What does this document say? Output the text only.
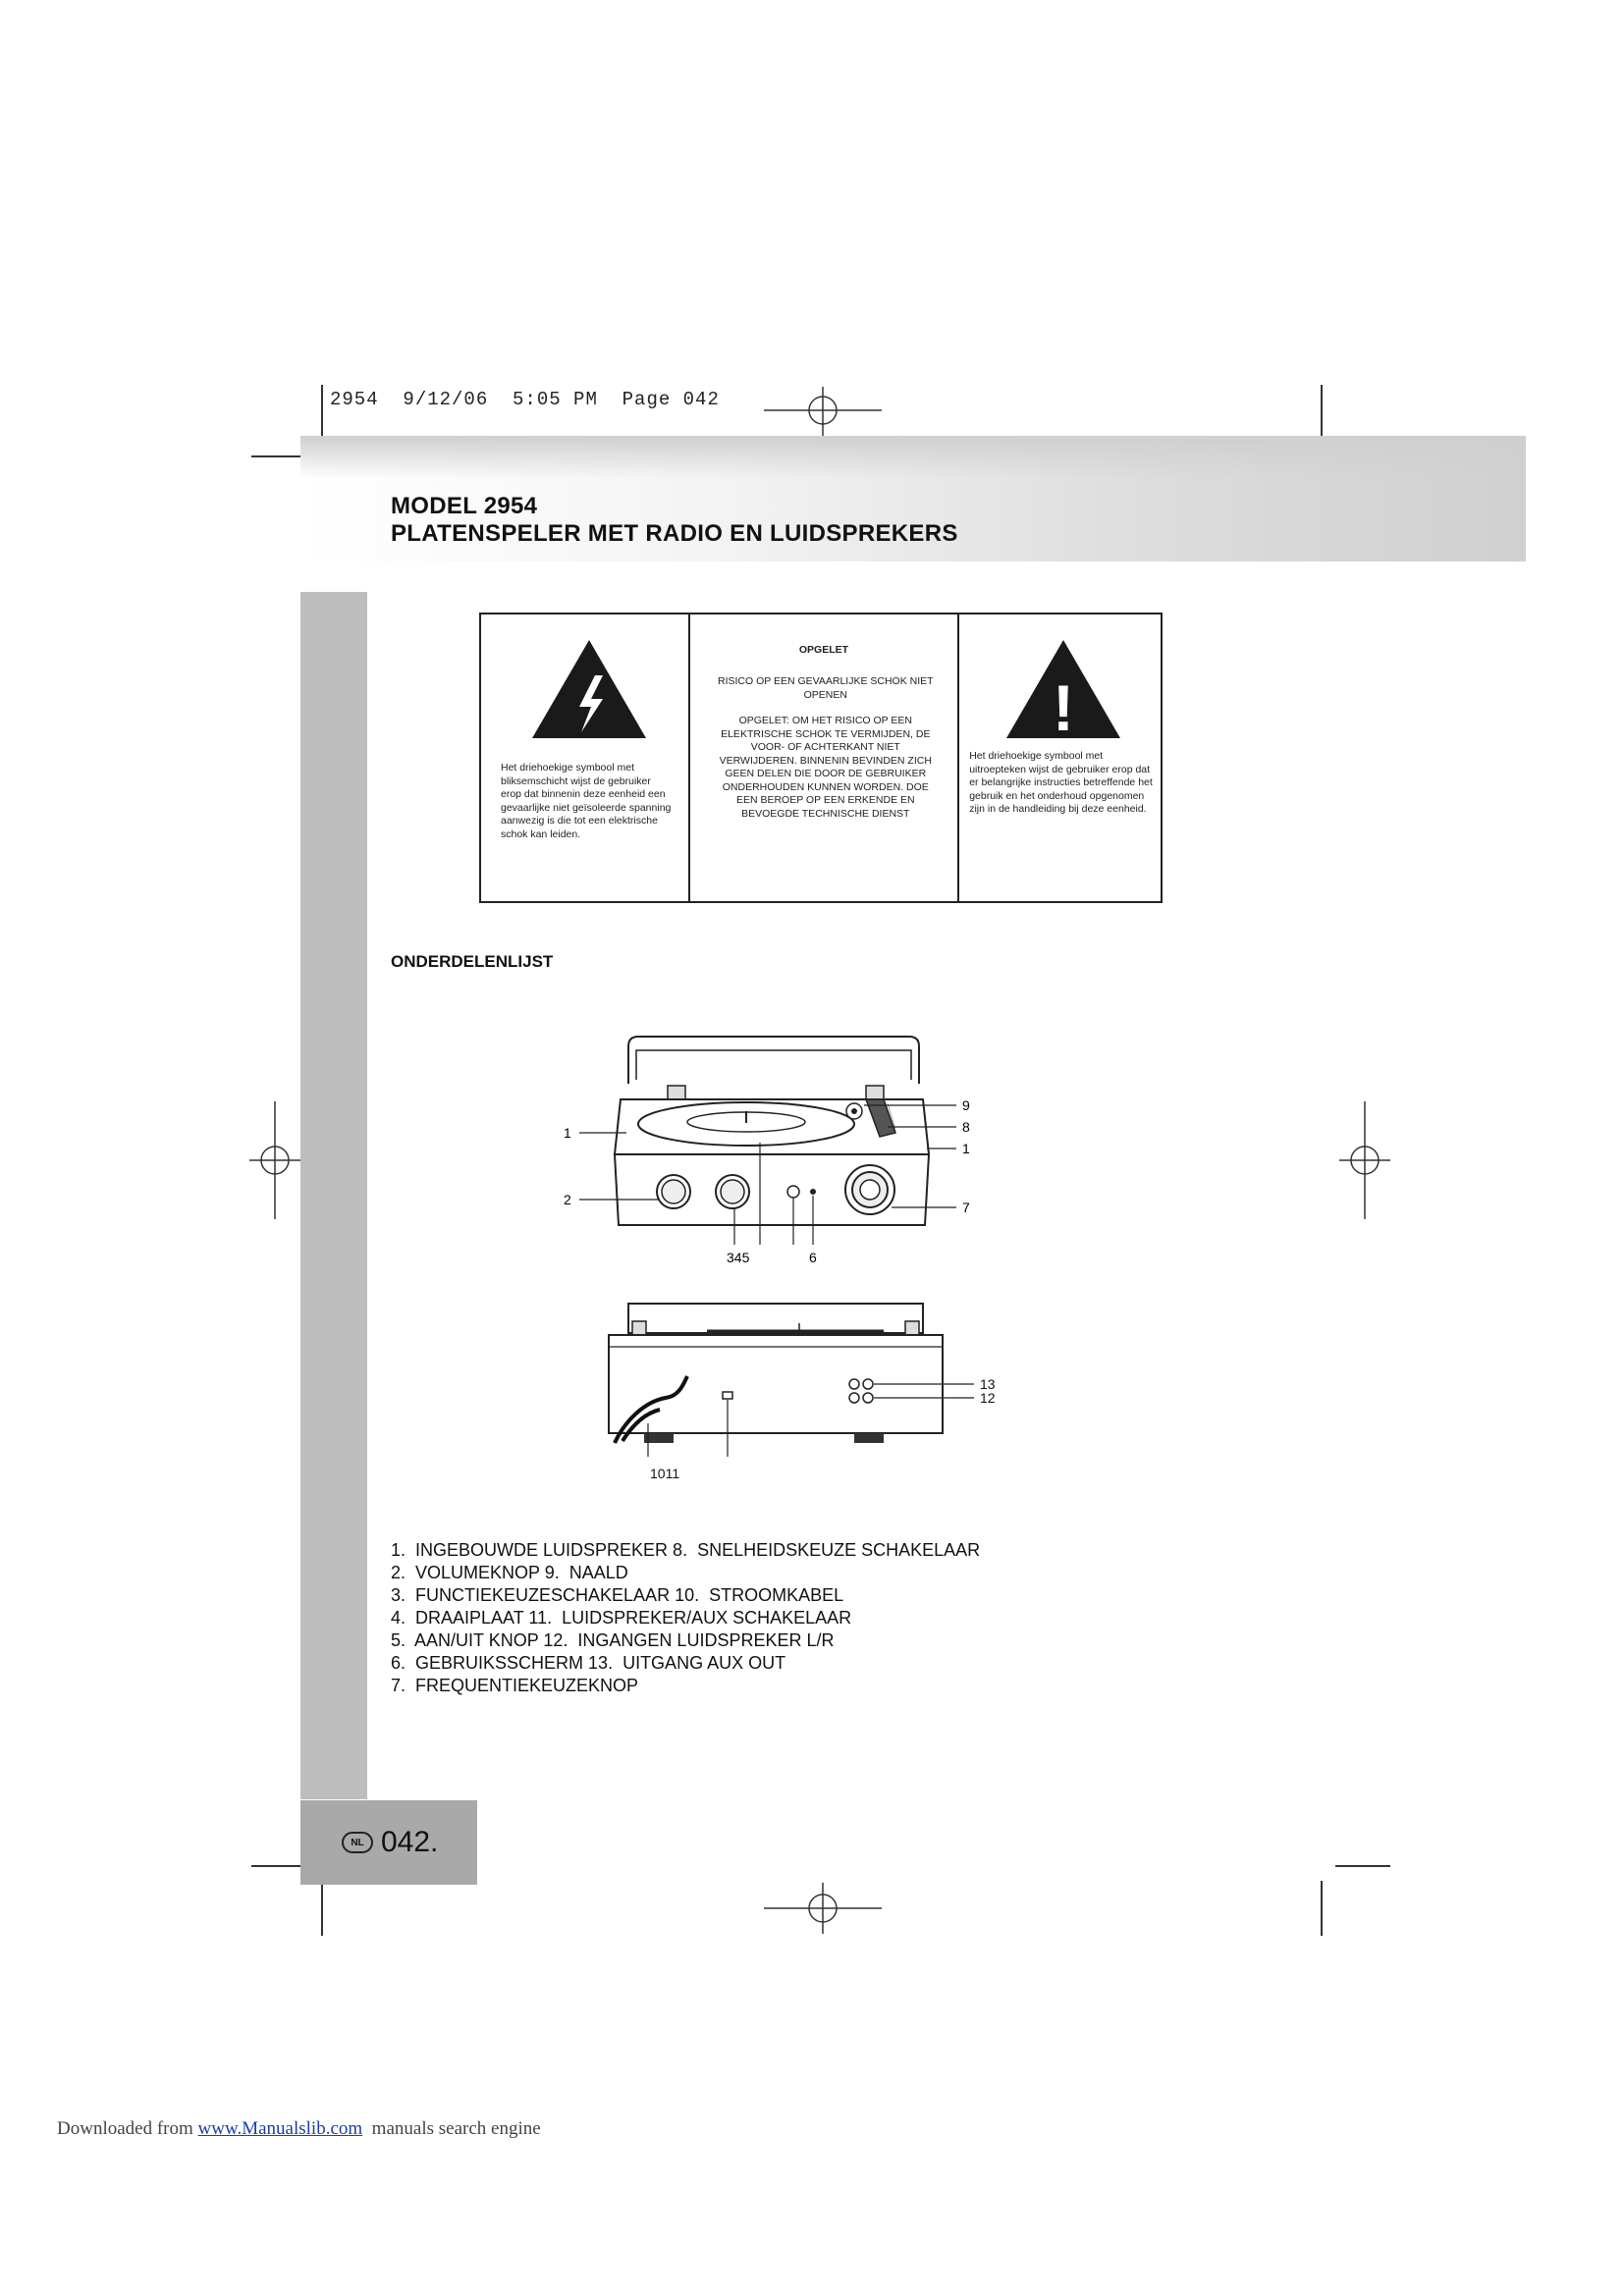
2954  9/12/06  5:05 PM  Page 042
MODEL 2954
PLATENSPELER MET RADIO EN LUIDSPREKERS
NL 042.
Het driehoekige symbool met bliksemschicht wijst de gebruiker erop dat binnenin deze eenheid een gevaarlijke niet geïsoleerde spanning aanwezig is die tot een elektrische schok kan leiden.
OPGELET
RISICO OP EEN GEVAARLIJKE SCHOK NIET OPENEN
OPGELET: OM HET RISICO OP EEN ELEKTRISCHE SCHOK TE VERMIJDEN, DE VOOR- OF ACHTERKANT NIET VERWIJDEREN. BINNENIN BEVINDEN ZICH GEEN DELEN DIE DOOR DE GEBRUIKER ONDERHOUDEN KUNNEN WORDEN. DOE EEN BEROEP OP EEN ERKENDE EN BEVOEGDE TECHNISCHE DIENST
!
Het driehoekige symbool met uitroepteken wijst de gebruiker erop dat er belangrijke instructies betreffende het gebruik en het onderhoud opgenomen zijn in de handleiding bij deze eenheid.
ONDERDELENLIJST
1
2
9
8
1
7
345	6
13
12
1011
1.  INGEBOUWDE LUIDSPREKER 8.  SNELHEIDSKEUZE SCHAKELAAR
2.  VOLUMEKNOP 9.  NAALD
3.  FUNCTIEKEUZESCHAKELAAR 10.  STROOMKABEL
4.  DRAAIPLAAT 11.  LUIDSPREKER/AUX SCHAKELAAR
5.  AAN/UIT KNOP 12.  INGANGEN LUIDSPREKER L/R
6.  GEBRUIKSSCHERM 13.  UITGANG AUX OUT
7.  FREQUENTIEKEUZEKNOP
Downloaded from www.Manualslib.com  manuals search engine
